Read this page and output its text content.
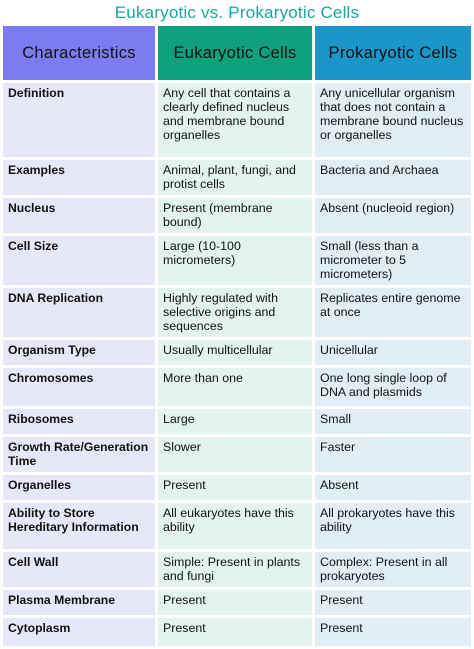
Eukaryotic vs. Prokaryotic Cells
Characteristics	Eukaryotic Cells	Prokaryotic Cells
Definition	Any cell that contains a clearly defined nucleus and membrane bound organelles	Any unicellular organism that does not contain a membrane bound nucleus or organelles
Examples	Animal, plant, fungi, and protist cells	Bacteria and Archaea
Nucleus	Present (membrane bound)	Absent (nucleoid region)
Cell Size	Large (10-100 micrometers)	Small (less than a micrometer to 5 micrometers)
DNA Replication	Highly regulated with selective origins and sequences	Replicates entire genome at once
Organism Type	Usually multicellular	Unicellular
Chromosomes	More than one	One long single loop of DNA and plasmids
Ribosomes	Large	Small
Growth Rate/Generation Time	Slower	Faster
Organelles	Present	Absent
Ability to Store Hereditary Information	All eukaryotes have this ability	All prokaryotes have this ability
Cell Wall	Simple: Present in plants and fungi	Complex: Present in all prokaryotes
Plasma Membrane	Present	Present
Cytoplasm	Present	Present
